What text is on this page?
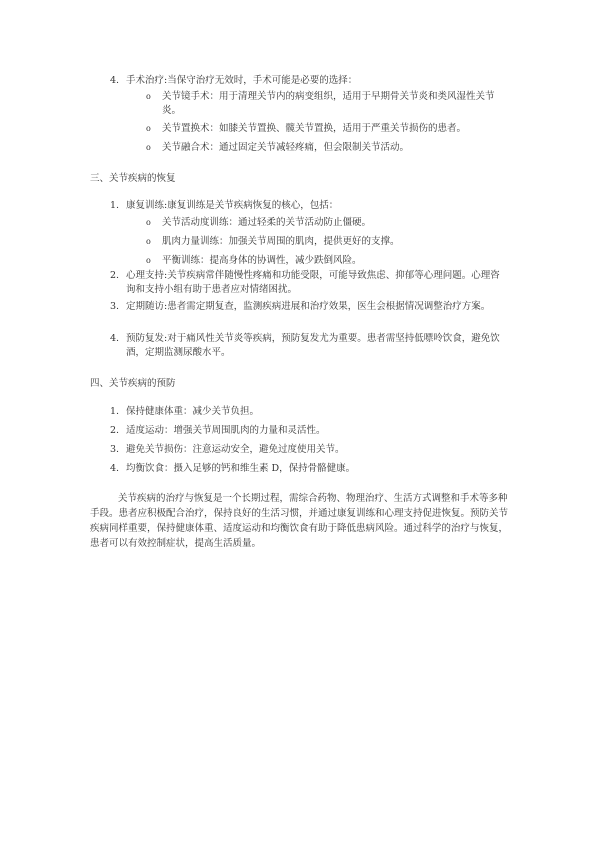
4. 手术治疗:当保守治疗无效时，手术可能是必要的选择：
o 关节镜手术：用于清理关节内的病变组织，适用于早期骨关节炎和类风湿性关节炎。
o 关节置换术：如膝关节置换、髋关节置换，适用于严重关节损伤的患者。
o 关节融合术：通过固定关节减轻疼痛，但会限制关节活动。
三、关节疾病的恢复
1. 康复训练:康复训练是关节疾病恢复的核心，包括：
o 关节活动度训练：通过轻柔的关节活动防止僵硬。
o 肌肉力量训练：加强关节周围的肌肉，提供更好的支撑。
o 平衡训练：提高身体的协调性，减少跌倒风险。
2. 心理支持:关节疾病常伴随慢性疼痛和功能受限，可能导致焦虑、抑郁等心理问题。心理咨询和支持小组有助于患者应对情绪困扰。
3. 定期随访:患者需定期复查，监测疾病进展和治疗效果，医生会根据情况调整治疗方案。
4. 预防复发:对于痛风性关节炎等疾病，预防复发尤为重要。患者需坚持低嘌呤饮食，避免饮酒，定期监测尿酸水平。
四、关节疾病的预防
1. 保持健康体重：减少关节负担。
2. 适度运动：增强关节周围肌肉的力量和灵活性。
3. 避免关节损伤：注意运动安全，避免过度使用关节。
4. 均衡饮食：摄入足够的钙和维生素 D，保持骨骼健康。
关节疾病的治疗与恢复是一个长期过程，需综合药物、物理治疗、生活方式调整和手术等多种手段。患者应积极配合治疗，保持良好的生活习惯，并通过康复训练和心理支持促进恢复。预防关节疾病同样重要，保持健康体重、适度运动和均衡饮食有助于降低患病风险。通过科学的治疗与恢复，患者可以有效控制症状，提高生活质量。
